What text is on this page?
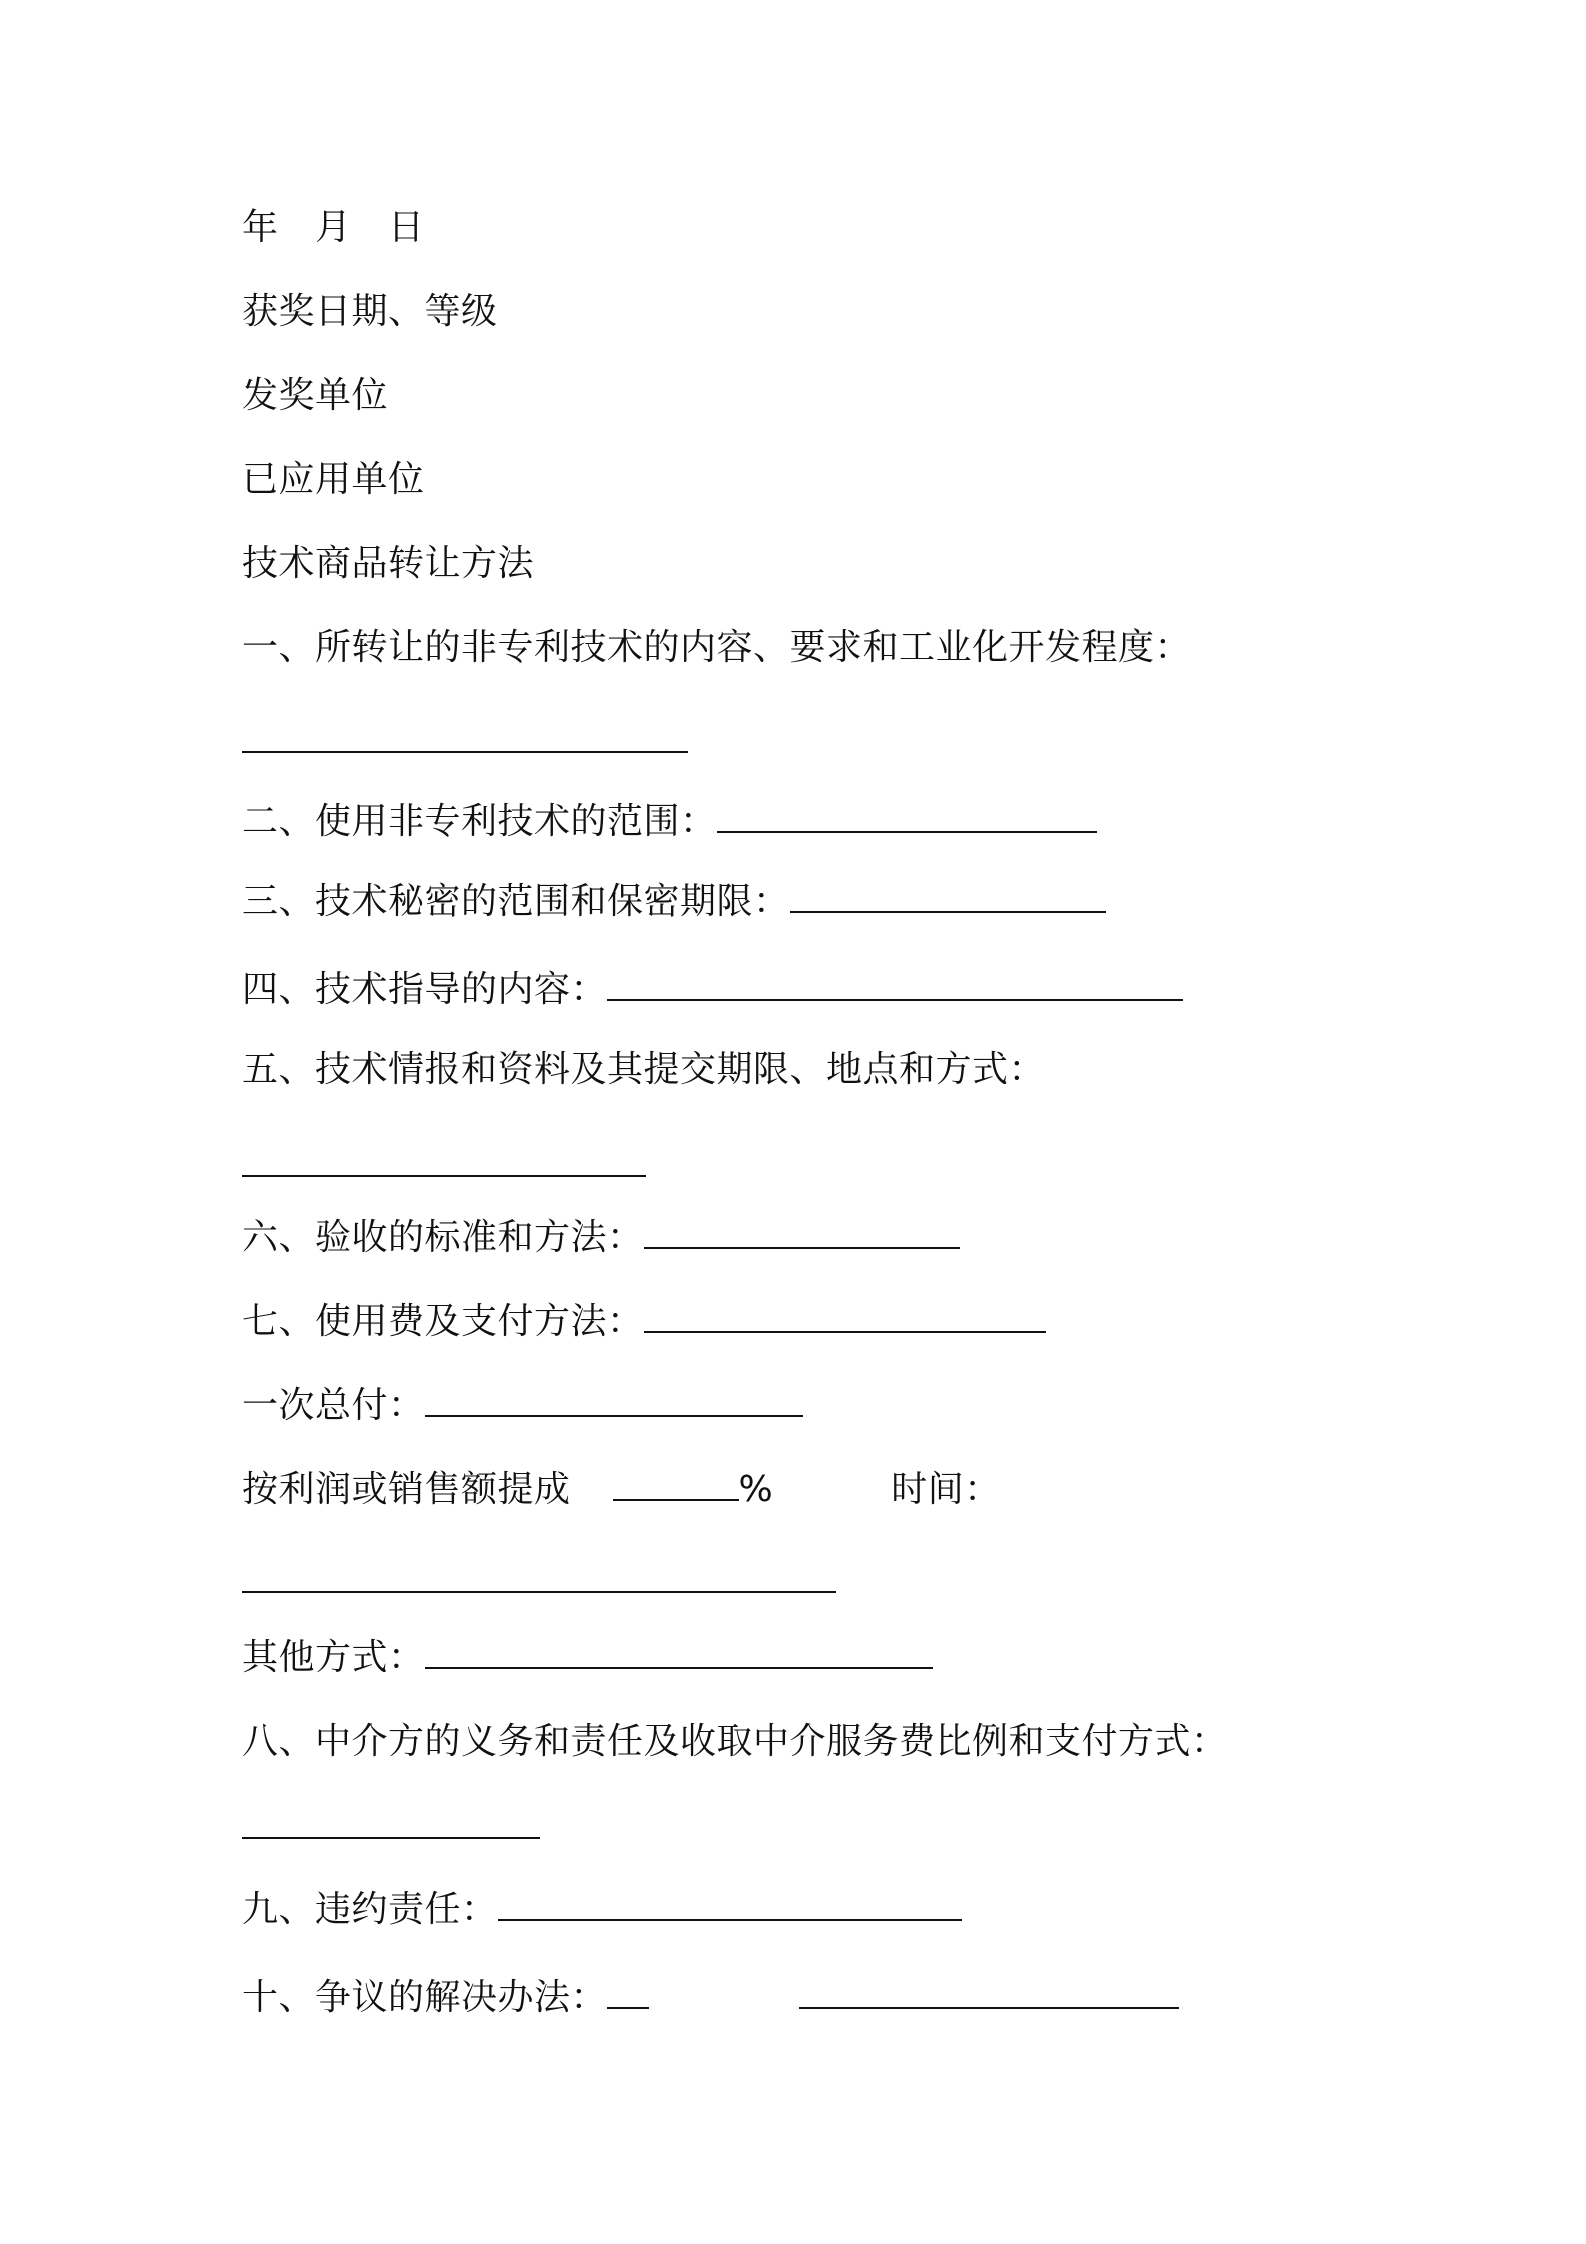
年　月　日
获奖日期、等级
发奖单位
已应用单位
技术商品转让方法
一、所转让的非专利技术的内容、要求和工业化开发程度：
二、使用非专利技术的范围：
三、技术秘密的范围和保密期限：
四、技术指导的内容：
五、技术情报和资料及其提交期限、地点和方式：
六、验收的标准和方法：
七、使用费及支付方法：
一次总付：
按利润或销售额提成	%	时间：
其他方式：
八、中介方的义务和责任及收取中介服务费比例和支付方式：
九、违约责任：
十、争议的解决办法：
